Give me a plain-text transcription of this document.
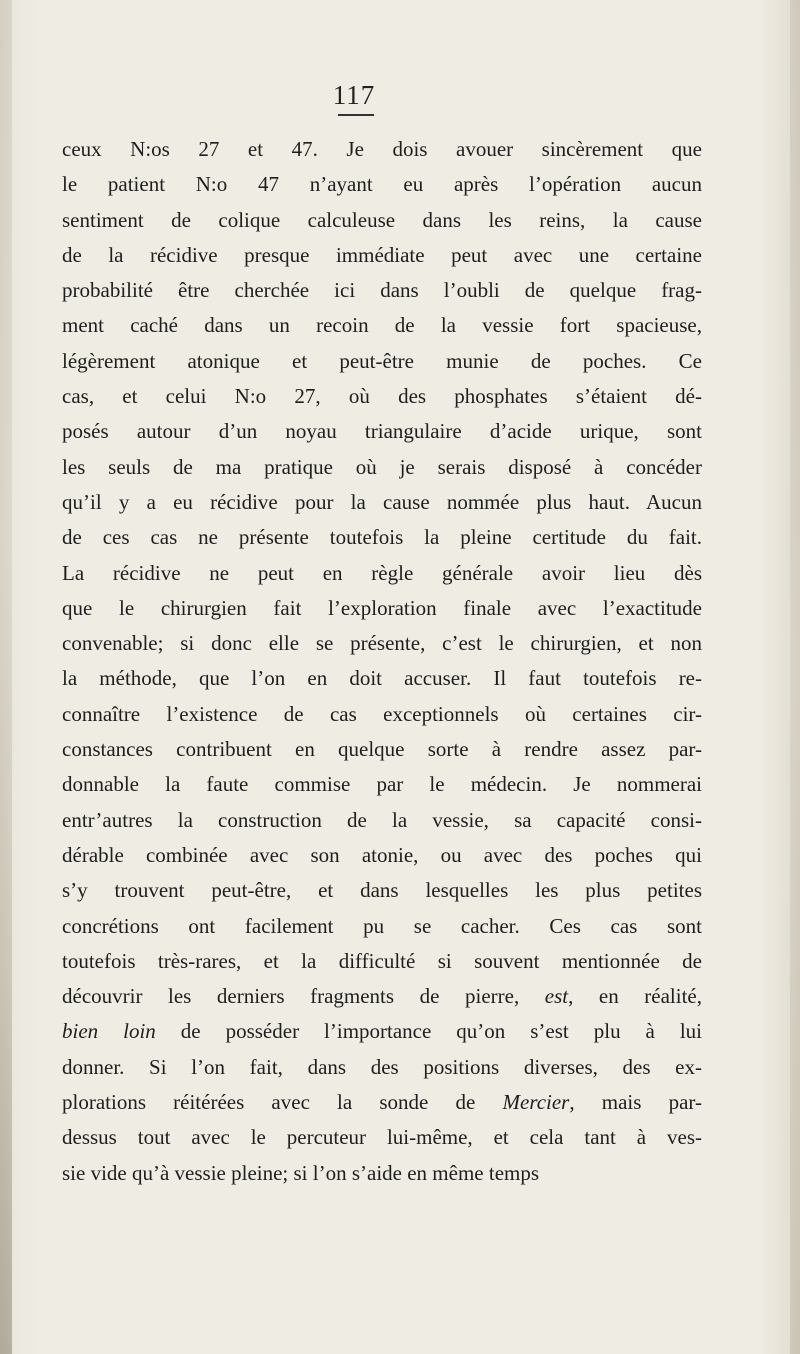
117
ceux N:os 27 et 47. Je dois avouer sincèrement que
le patient N:o 47 n’ayant eu après l’opération aucun
sentiment de colique calculeuse dans les reins, la cause
de la récidive presque immédiate peut avec une certaine
probabilité être cherchée ici dans l’oubli de quelque frag-
ment caché dans un recoin de la vessie fort spacieuse,
légèrement atonique et peut-être munie de poches. Ce
cas, et celui N:o 27, où des phosphates s’étaient dé-
posés autour d’un noyau triangulaire d’acide urique, sont
les seuls de ma pratique où je serais disposé à concéder
qu’il y a eu récidive pour la cause nommée plus haut. Aucun
de ces cas ne présente toutefois la pleine certitude du fait.
La récidive ne peut en règle générale avoir lieu dès
que le chirurgien fait l’exploration finale avec l’exactitude
convenable; si donc elle se présente, c’est le chirurgien, et non
la méthode, que l’on en doit accuser. Il faut toutefois re-
connaître l’existence de cas exceptionnels où certaines cir-
constances contribuent en quelque sorte à rendre assez par-
donnable la faute commise par le médecin. Je nommerai
entr’autres la construction de la vessie, sa capacité consi-
dérable combinée avec son atonie, ou avec des poches qui
s’y trouvent peut-être, et dans lesquelles les plus petites
concrétions ont facilement pu se cacher. Ces cas sont
toutefois très-rares, et la difficulté si souvent mentionnée de
découvrir les derniers fragments de pierre, est, en réalité,
bien loin de posséder l’importance qu’on s’est plu à lui
donner. Si l’on fait, dans des positions diverses, des ex-
plorations réitérées avec la sonde de Mercier, mais par-
dessus tout avec le percuteur lui-même, et cela tant à ves-
sie vide qu’à vessie pleine; si l’on s’aide en même temps
